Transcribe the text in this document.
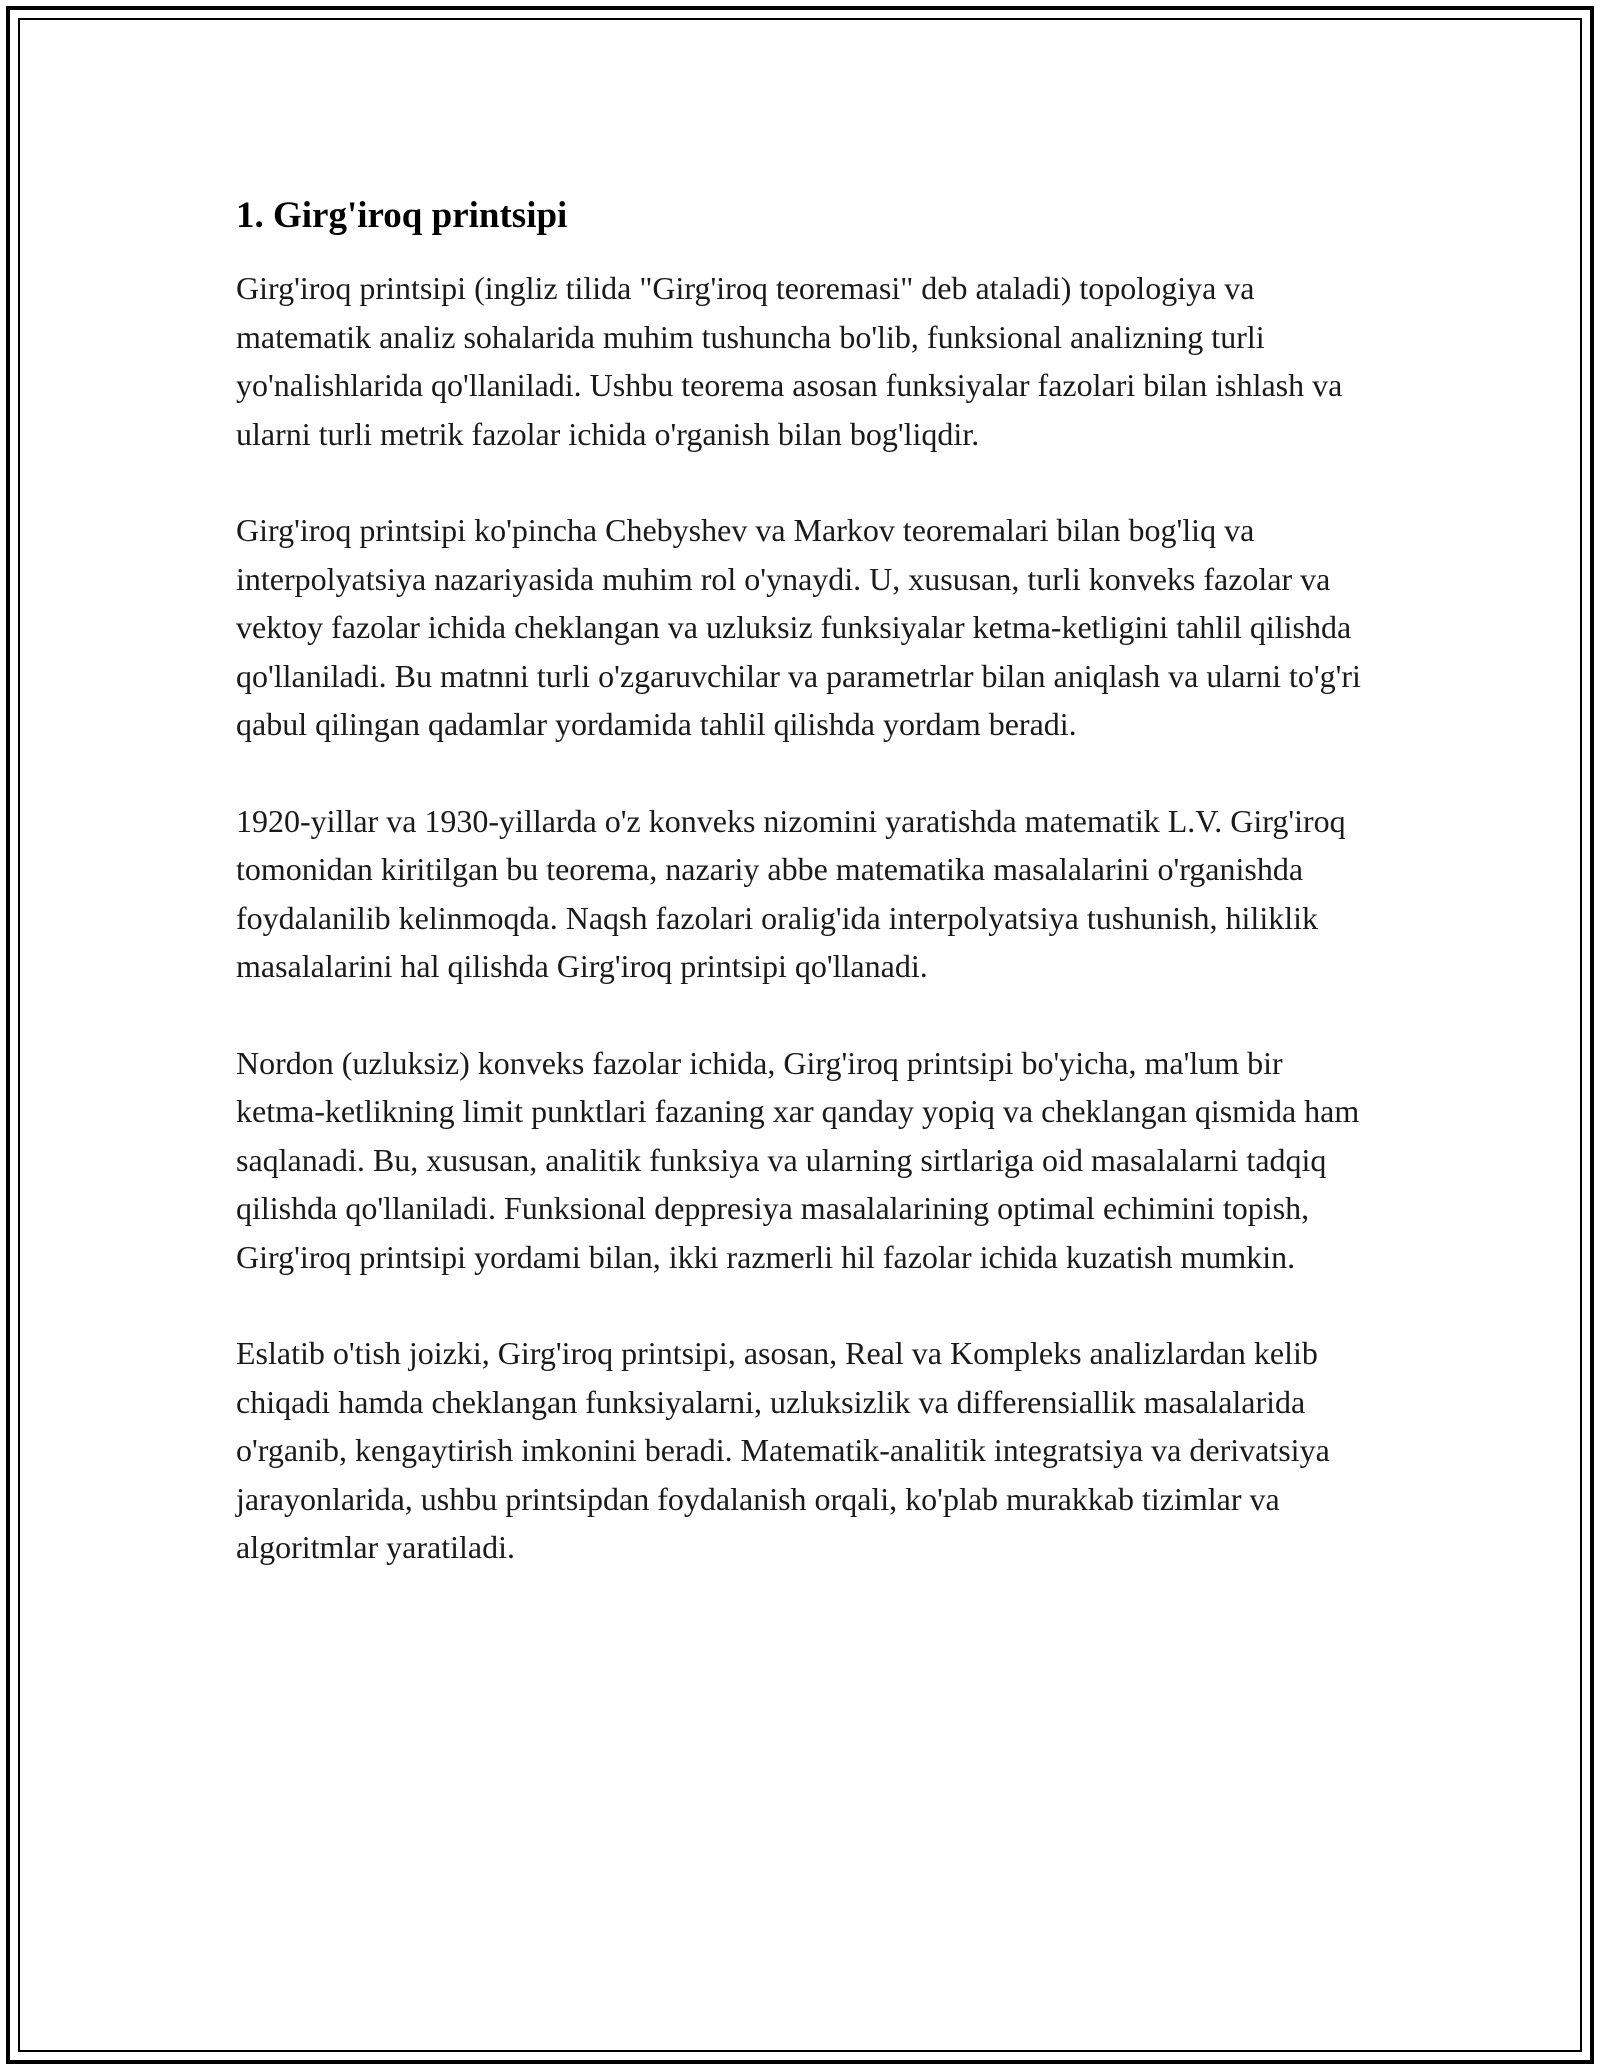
1. Girg'iroq printsipi

Girg'iroq printsipi (ingliz tilida "Girg'iroq teoremasi" deb ataladi) topologiya va matematik analiz sohalarida muhim tushuncha bo'lib, funksional analizning turli yo'nalishlarida qo'llaniladi. Ushbu teorema asosan funksiyalar fazolari bilan ishlash va ularni turli metrik fazolar ichida o'rganish bilan bog'liqdir.

Girg'iroq printsipi ko'pincha Chebyshev va Markov teoremalari bilan bog'liq va interpolyatsiya nazariyasida muhim rol o'ynaydi. U, xususan, turli konveks fazolar va vektoy fazolar ichida cheklangan va uzluksiz funksiyalar ketma-ketligini tahlil qilishda qo'llaniladi. Bu matnni turli o'zgaruvchilar va parametrlar bilan aniqlash va ularni to'g'ri qabul qilingan qadamlar yordamida tahlil qilishda yordam beradi.

1920-yillar va 1930-yillarda o'z konveks nizomini yaratishda matematik L.V. Girg'iroq tomonidan kiritilgan bu teorema, nazariy abbe matematika masalalarini o'rganishda foydalanilib kelinmoqda. Naqsh fazolari oralig'ida interpolyatsiya tushunish, hiliklik masalalarini hal qilishda Girg'iroq printsipi qo'llanadi.

Nordon (uzluksiz) konveks fazolar ichida, Girg'iroq printsipi bo'yicha, ma'lum bir ketma-ketlikning limit punktlari fazaning xar qanday yopiq va cheklangan qismida ham saqlanadi. Bu, xususan, analitik funksiya va ularning sirtlariga oid masalalarni tadqiq qilishda qo'llaniladi. Funksional deppresiya masalalarining optimal echimini topish, Girg'iroq printsipi yordami bilan, ikki razmerli hil fazolar ichida kuzatish mumkin.

Eslatib o'tish joizki, Girg'iroq printsipi, asosan, Real va Kompleks analizlardan kelib chiqadi hamda cheklangan funksiyalarni, uzluksizlik va differensiallik masalalarida o'rganib, kengaytirish imkonini beradi. Matematik-analitik integratsiya va derivatsiya jarayonlarida, ushbu printsipdan foydalanish orqali, ko'plab murakkab tizimlar va algoritmlar yaratiladi.
